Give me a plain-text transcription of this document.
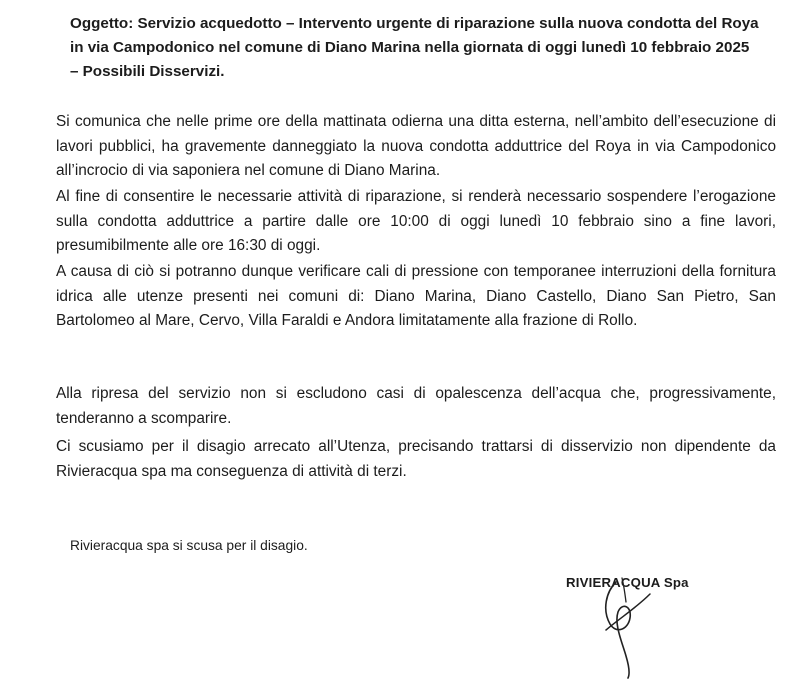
Oggetto: Servizio acquedotto – Intervento urgente di riparazione sulla nuova condotta del Roya in via Campodonico nel comune di Diano Marina nella giornata di oggi lunedì 10 febbraio 2025 – Possibili Disservizi.

Si comunica che nelle prime ore della mattinata odierna una ditta esterna, nell’ambito dell’esecuzione di lavori pubblici, ha gravemente danneggiato la nuova condotta adduttrice del Roya in via Campodonico all’incrocio di via saponiera nel comune di Diano Marina.

Al fine di consentire le necessarie attività di riparazione, si renderà necessario sospendere l’erogazione sulla condotta adduttrice a partire dalle ore 10:00 di oggi lunedì 10 febbraio sino a fine lavori, presumibilmente alle ore 16:30 di oggi.

A causa di ciò si potranno dunque verificare cali di pressione con temporanee interruzioni della fornitura idrica alle utenze presenti nei comuni di: Diano Marina, Diano Castello, Diano San Pietro, San Bartolomeo al Mare, Cervo, Villa Faraldi e Andora limitatamente alla frazione di Rollo.

Alla ripresa del servizio non si escludono casi di opalescenza dell’acqua che, progressivamente, tenderanno a scomparire.

Ci scusiamo per il disagio arrecato all’Utenza, precisando trattarsi di disservizio non dipendente da Rivieracqua spa ma conseguenza di attività di terzi.

Rivieracqua spa si scusa per il disagio.

RIVIERACQUA Spa
